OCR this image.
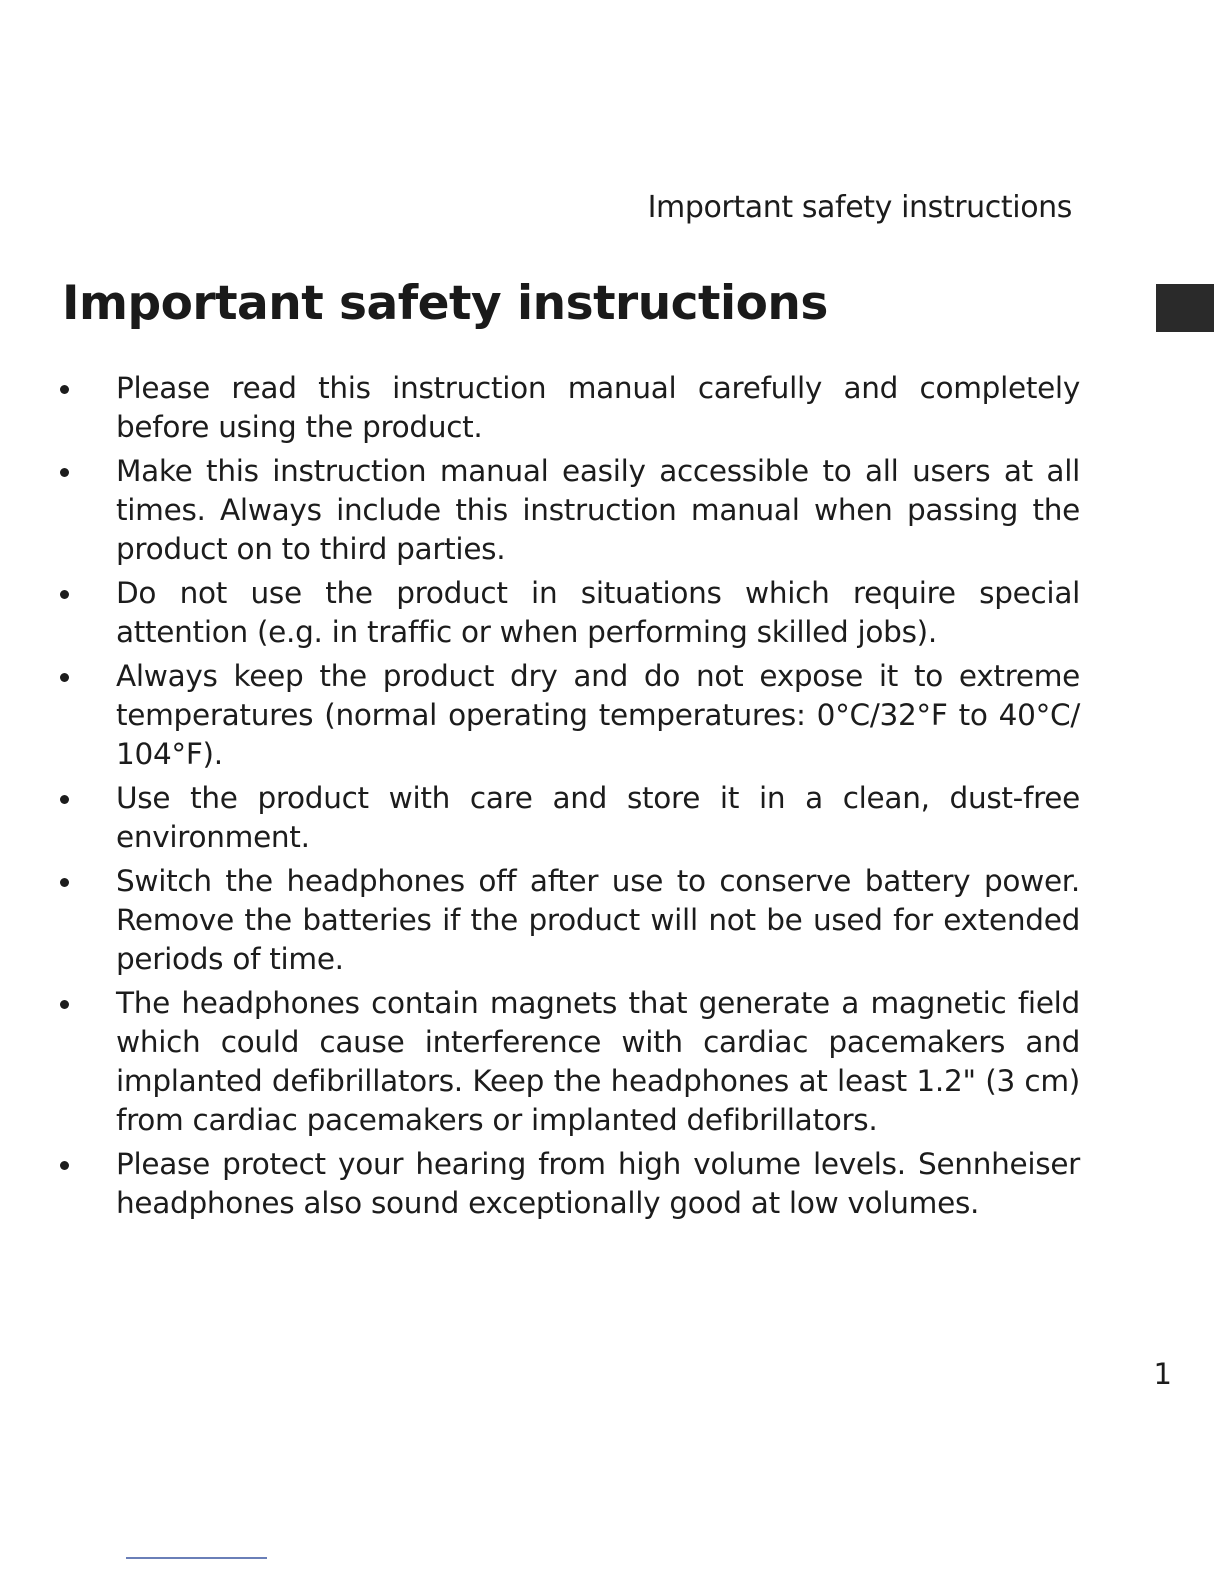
Important safety instructions
Important safety instructions
Please read this instruction manual carefully and completely before using the product.
Make this instruction manual easily accessible to all users at all times. Always include this instruction manual when passing the product on to third parties.
Do not use the product in situations which require special attention (e.g. in traffic or when performing skilled jobs).
Always keep the product dry and do not expose it to extreme temperatures (normal operating temperatures: 0°C/32°F to 40°C/ 104°F).
Use the product with care and store it in a clean, dust-free environment.
Switch the headphones off after use to conserve battery power. Remove the batteries if the product will not be used for extended periods of time.
The headphones contain magnets that generate a magnetic field which could cause interference with cardiac pacemakers and implanted defibrillators. Keep the headphones at least 1.2" (3 cm) from cardiac pacemakers or implanted defibrillators.
Please protect your hearing from high volume levels. Sennheiser headphones also sound exceptionally good at low volumes.
1
